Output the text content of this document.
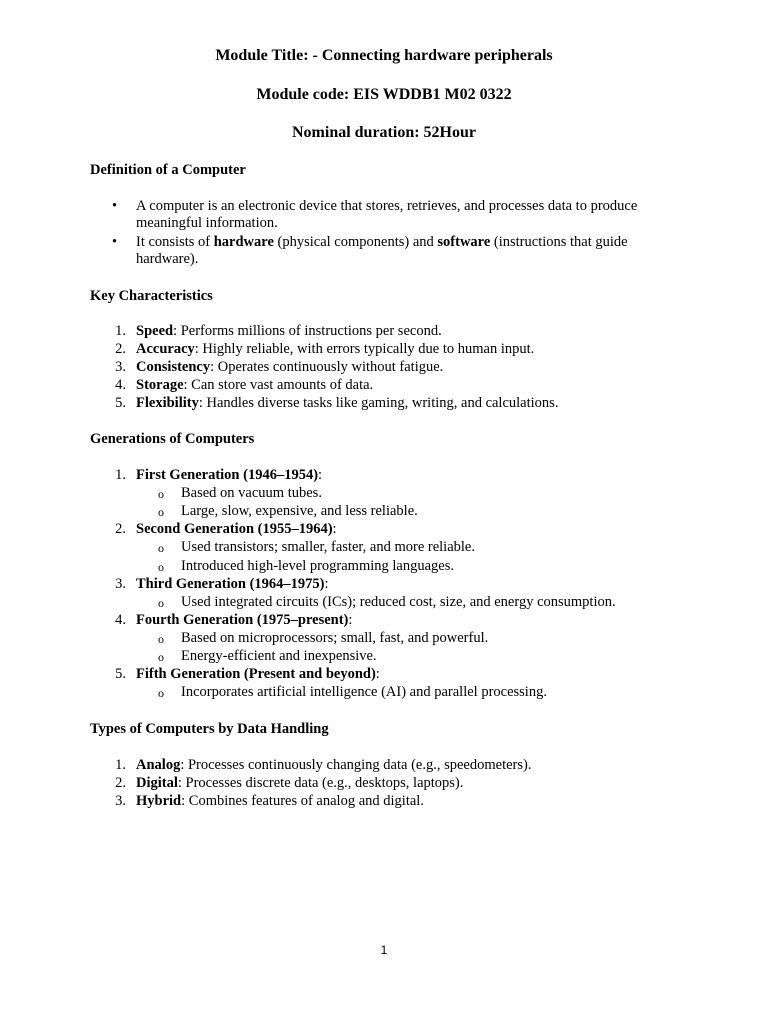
Module Title: - Connecting hardware peripherals
Module code: EIS WDDB1 M02 0322
Nominal duration: 52Hour
Definition of a Computer
• A computer is an electronic device that stores, retrieves, and processes data to produce
meaningful information.
• It consists of hardware (physical components) and software (instructions that guide
hardware).
Key Characteristics
1. Speed: Performs millions of instructions per second.
2. Accuracy: Highly reliable, with errors typically due to human input.
3. Consistency: Operates continuously without fatigue.
4. Storage: Can store vast amounts of data.
5. Flexibility: Handles diverse tasks like gaming, writing, and calculations.
Generations of Computers
1. First Generation (1946–1954):
o Based on vacuum tubes.
o Large, slow, expensive, and less reliable.
2. Second Generation (1955–1964):
o Used transistors; smaller, faster, and more reliable.
o Introduced high-level programming languages.
3. Third Generation (1964–1975):
o Used integrated circuits (ICs); reduced cost, size, and energy consumption.
4. Fourth Generation (1975–present):
o Based on microprocessors; small, fast, and powerful.
o Energy-efficient and inexpensive.
5. Fifth Generation (Present and beyond):
o Incorporates artificial intelligence (AI) and parallel processing.
Types of Computers by Data Handling
1. Analog: Processes continuously changing data (e.g., speedometers).
2. Digital: Processes discrete data (e.g., desktops, laptops).
3. Hybrid: Combines features of analog and digital.
1
